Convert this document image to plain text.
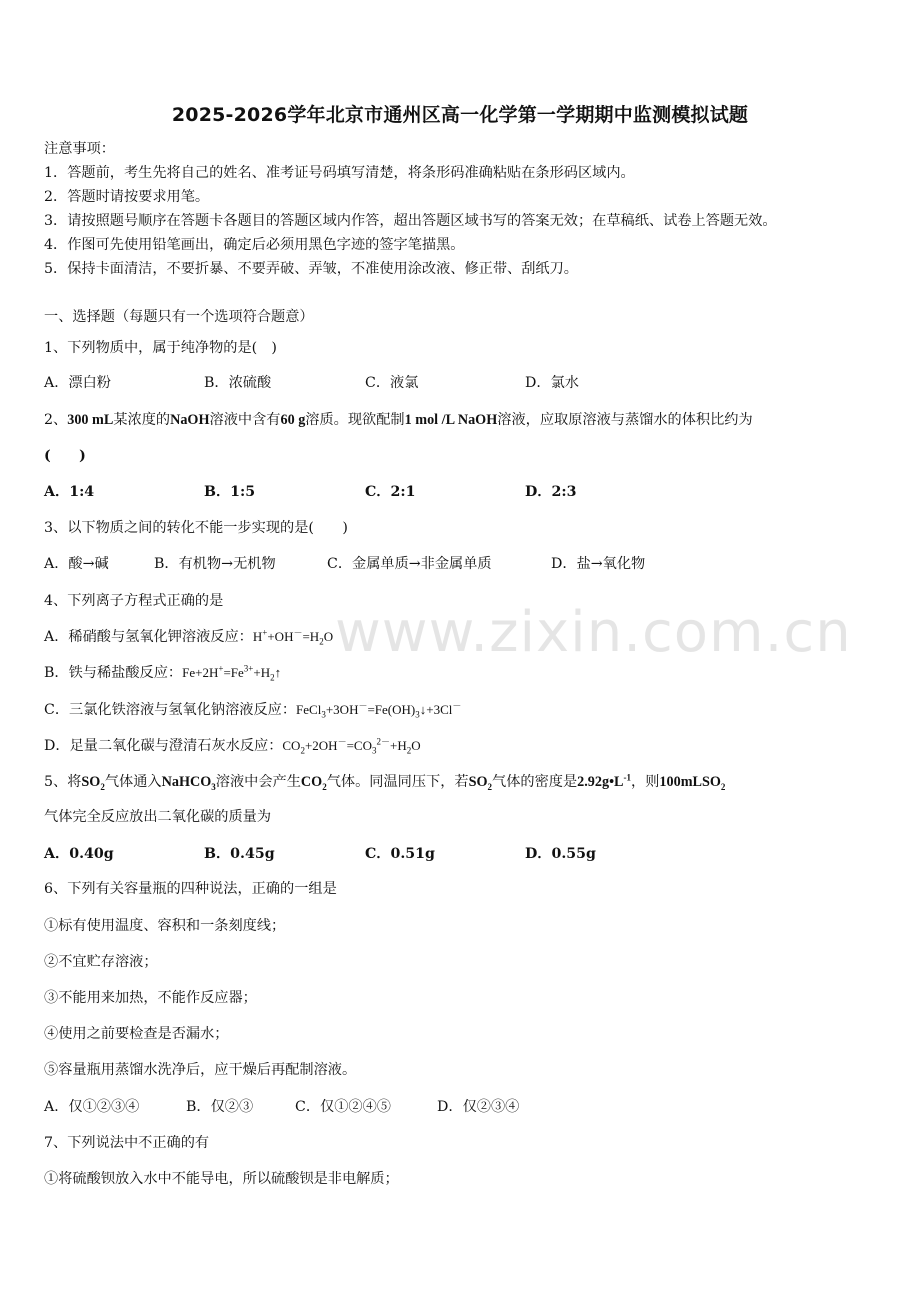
2025-2026学年北京市通州区高一化学第一学期期中监测模拟试题
注意事项：
1．答题前，考生先将自己的姓名、准考证号码填写清楚，将条形码准确粘贴在条形码区域内。
2．答题时请按要求用笔。
3．请按照题号顺序在答题卡各题目的答题区域内作答，超出答题区域书写的答案无效；在草稿纸、试卷上答题无效。
4．作图可先使用铅笔画出，确定后必须用黑色字迹的签字笔描黑。
5．保持卡面清洁，不要折暴、不要弄破、弄皱，不准使用涂改液、修正带、刮纸刀。
一、选择题（每题只有一个选项符合题意）
1、下列物质中，属于纯净物的是(　)
A．漂白粉	B．浓硫酸	C．液氯	D．氯水
2、300 mL某浓度的NaOH溶液中含有60 g溶质。现欲配制1 mol /L NaOH溶液，应取原溶液与蒸馏水的体积比约为
(　　)
A．1:4	B．1:5	C．2:1	D．2:3
3、以下物质之间的转化不能一步实现的是(　　)
A．酸→碱	B．有机物→无机物	C．金属单质→非金属单质	D．盐→氧化物
4、下列离子方程式正确的是
A．稀硝酸与氢氧化钾溶液反应：$H^++OH^-=H_2O$
B．铁与稀盐酸反应：$Fe+2H^+=Fe^{3+}+H_2↑$
C．三氯化铁溶液与氢氧化钠溶液反应：$FeCl_3+3OH^-=Fe(OH)_3↓+3Cl^-$
D．足量二氧化碳与澄清石灰水反应：$CO_2+2OH^-=CO_3^{2-}+H_2O$
5、将$SO_2$气体通入NaHCO$_3$溶液中会产生$CO_2$气体。同温同压下，若$SO_2$气体的密度是$2.92g•L^{-1}$，则100mLSO$_2$
气体完全反应放出二氧化碳的质量为
A．0.40g	B．0.45g	C．0.51g	D．0.55g
6、下列有关容量瓶的四种说法，正确的一组是
①标有使用温度、容积和一条刻度线；
②不宜贮存溶液；
③不能用来加热，不能作反应器；
④使用之前要检查是否漏水；
⑤容量瓶用蒸馏水洗净后，应干燥后再配制溶液。
A．仅①②③④	B．仅②③	C．仅①②④⑤	D．仅②③④
7、下列说法中不正确的有
①将硫酸钡放入水中不能导电，所以硫酸钡是非电解质；
www.zixin.com.cn
